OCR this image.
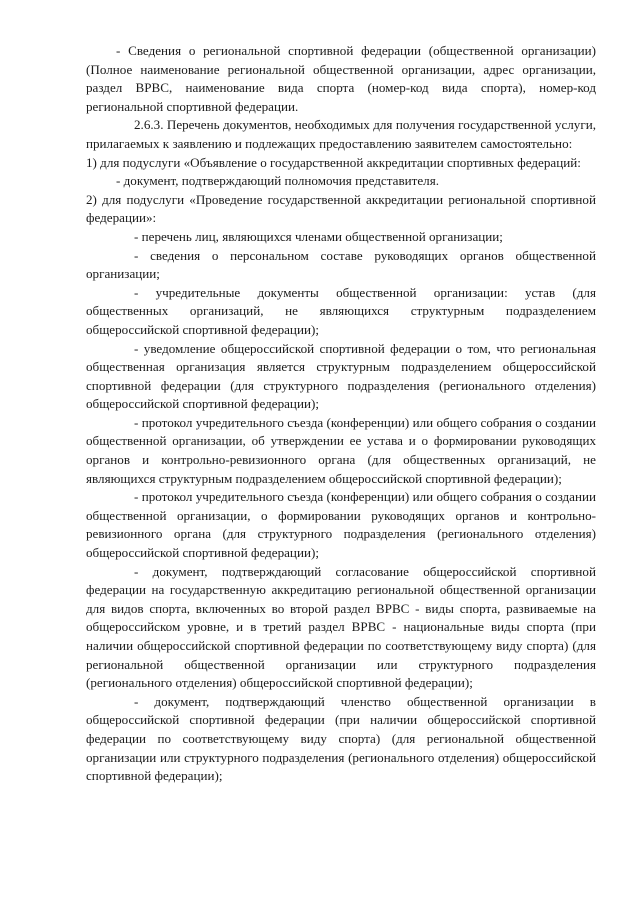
- Сведения о региональной спортивной федерации (общественной организации) (Полное наименование региональной общественной организации, адрес организации, раздел ВРВС, наименование вида спорта (номер-код вида спорта), номер-код региональной спортивной федерации.

2.6.3. Перечень документов, необходимых для получения государственной услуги, прилагаемых к заявлению и подлежащих предоставлению заявителем самостоятельно:

1) для подуслуги «Объявление о государственной аккредитации спортивных федераций:

- документ, подтверждающий полномочия представителя.

2) для подуслуги «Проведение государственной аккредитации региональной спортивной федерации»:

- перечень лиц, являющихся членами общественной организации;

- сведения о персональном составе руководящих органов общественной организации;

- учредительные документы общественной организации: устав (для общественных организаций, не являющихся структурным подразделением общероссийской спортивной федерации);

- уведомление общероссийской спортивной федерации о том, что региональная общественная организация является структурным подразделением общероссийской спортивной федерации (для структурного подразделения (регионального отделения) общероссийской спортивной федерации);

- протокол учредительного съезда (конференции) или общего собрания о создании общественной организации, об утверждении ее устава и о формировании руководящих органов и контрольно-ревизионного органа (для общественных организаций, не являющихся структурным подразделением общероссийской спортивной федерации);

- протокол учредительного съезда (конференции) или общего собрания о создании общественной организации, о формировании руководящих органов и контрольно-ревизионного органа (для структурного подразделения (регионального отделения) общероссийской спортивной федерации);

- документ, подтверждающий согласование общероссийской спортивной федерации на государственную аккредитацию региональной общественной организации для видов спорта, включенных во второй раздел ВРВС - виды спорта, развиваемые на общероссийском уровне, и в третий раздел ВРВС - национальные виды спорта (при наличии общероссийской спортивной федерации по соответствующему виду спорта) (для региональной общественной организации или структурного подразделения (регионального отделения) общероссийской спортивной федерации);

- документ, подтверждающий членство общественной организации в общероссийской спортивной федерации (при наличии общероссийской спортивной федерации по соответствующему виду спорта) (для региональной общественной организации или структурного подразделения (регионального отделения) общероссийской спортивной федерации);
